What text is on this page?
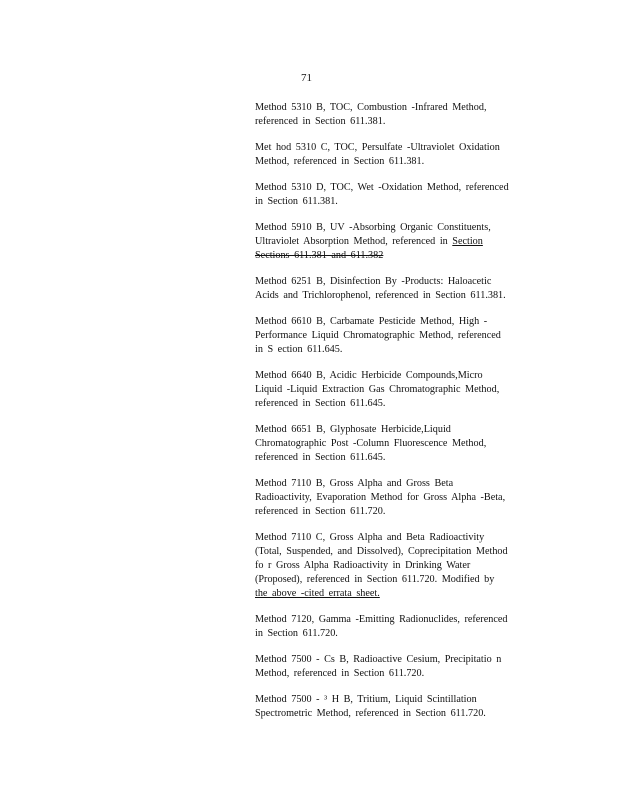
71
Method 5310 B, TOC, Combustion -Infrared Method,
referenced in Section 611.381.
Met hod 5310 C, TOC, Persulfate -Ultraviolet Oxidation
Method, referenced in Section 611.381.
Method 5310 D, TOC, Wet -Oxidation Method, referenced
in Section 611.381.
Method 5910 B, UV -Absorbing Organic Constituents,
Ultraviolet Absorption Method, referenced in Section
Sections 611.381 and 611.382
Method 6251 B, Disinfection By -Products: Haloacetic
Acids and Trichlorophenol, referenced in Section 611.381.
Method 6610 B, Carbamate Pesticide Method, High -
Performance Liquid Chromatographic Method, referenced
in S ection 611.645.
Method 6640 B, Acidic Herbicide Compounds,Micro
Liquid -Liquid Extraction Gas Chromatographic Method,
referenced in Section 611.645.
Method 6651 B, Glyphosate Herbicide,Liquid
Chromatographic Post -Column Fluorescence Method,
referenced in Section 611.645.
Method 7110 B, Gross Alpha and Gross Beta
Radioactivity, Evaporation Method for Gross Alpha -Beta,
referenced in Section 611.720.
Method 7110 C, Gross Alpha and Beta Radioactivity
(Total, Suspended, and Dissolved), Coprecipitation Method
fo r Gross Alpha Radioactivity in Drinking Water
(Proposed), referenced in Section 611.720. Modified by
the above -cited errata sheet.
Method 7120, Gamma -Emitting Radionuclides, referenced
in Section 611.720.
Method 7500 - Cs B, Radioactive Cesium, Precipitatio n
Method, referenced in Section 611.720.
Method 7500 - ³ H B, Tritium, Liquid Scintillation
Spectrometric Method, referenced in Section 611.720.
